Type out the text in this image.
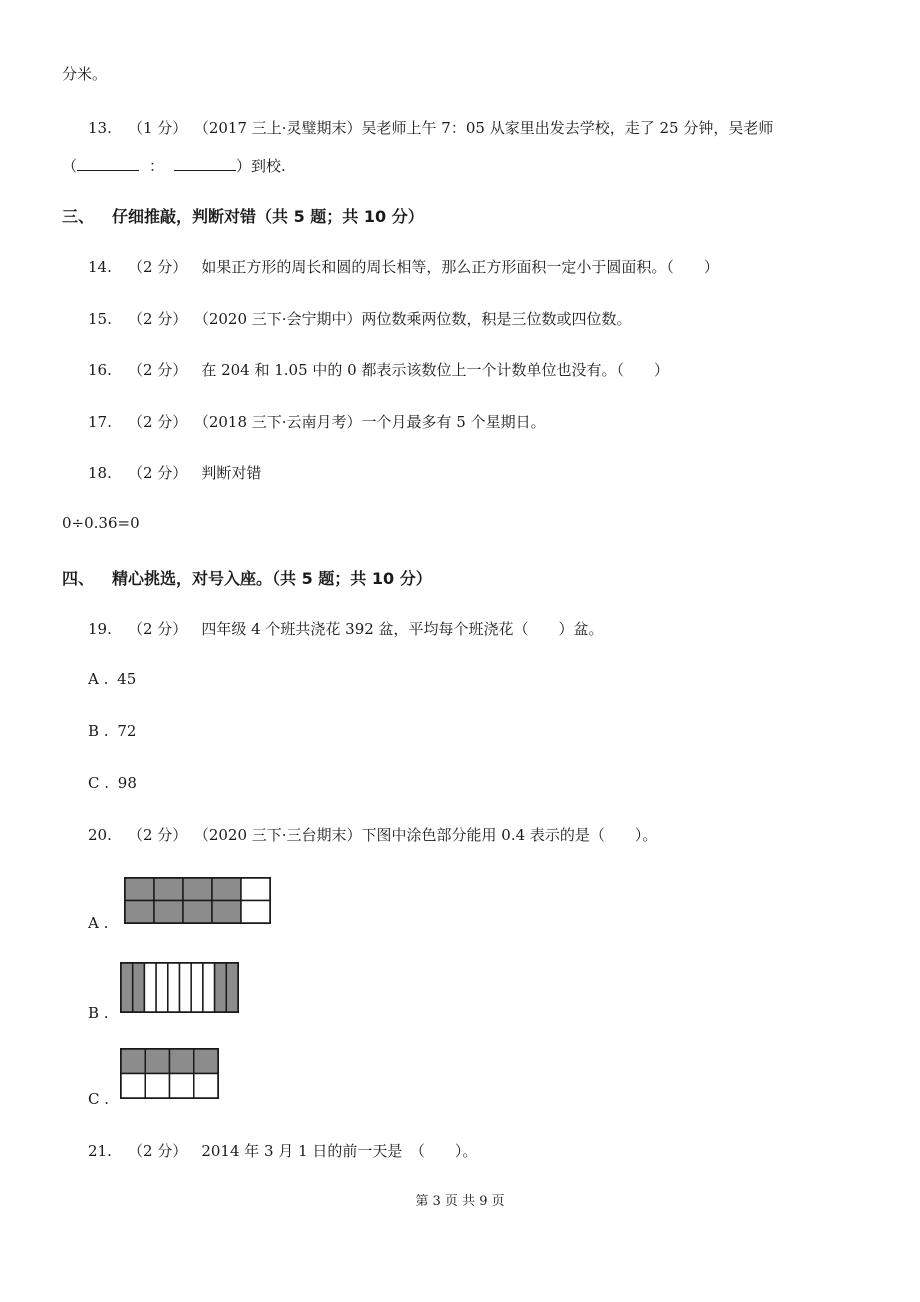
分米。
13. （1 分） （2017 三上·灵璧期末）吴老师上午 7：05 从家里出发去学校，走了 25 分钟，吴老师
（	：	）到校.
三、 仔细推敲，判断对错（共 5 题；共 10 分）
14. （2 分） 如果正方形的周长和圆的周长相等，那么正方形面积一定小于圆面积。（　　）
15. （2 分） （2020 三下·会宁期中）两位数乘两位数，积是三位数或四位数。
16. （2 分） 在 204 和 1.05 中的 0 都表示该数位上一个计数单位也没有。（　　）
17. （2 分） （2018 三下·云南月考）一个月最多有 5 个星期日。
18. （2 分） 判断对错
0÷0.36=0
四、 精心挑选，对号入座。（共 5 题；共 10 分）
19. （2 分） 四年级 4 个班共浇花 392 盆，平均每个班浇花（　　）盆。
A . 45
B . 72
C . 98
20. （2 分） （2020 三下·三台期末）下图中涂色部分能用 0.4 表示的是（　　）。
A .
B .
C .
21. （2 分） 2014 年 3 月 1 日的前一天是　（　　）。
第 3 页 共 9 页
